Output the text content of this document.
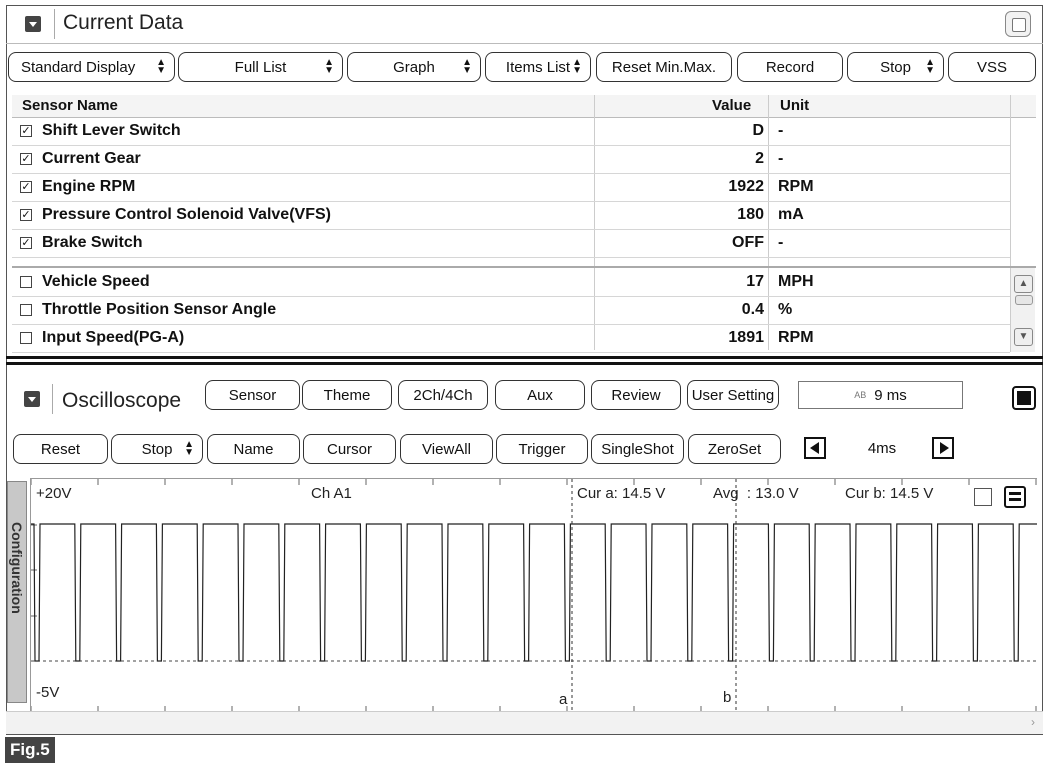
Current Data
Standard Display ▲
▼	Full List	▲
▼	Graph	▲
▼ Items List ▲
▼ Reset Min.Max.	Record	Stop ▲
▼	VSS
Sensor Name	Value Unit
✓ Shift Lever Switch	D -
✓ Current Gear	2 -
✓ Engine RPM	1922 RPM
✓ Pressure Control Solenoid Valve(VFS)	180 mA
✓ Brake Switch	OFF -
Vehicle Speed	17 MPH
Throttle Position Sensor Angle	0.4 %
Input Speed(PG-A)	1891 RPM
▲
▼
Oscilloscope	Sensor	Theme	2Ch/4Ch	Aux	Review User Setting	AB 9 ms
Reset	Stop ▲
▼	Name	Cursor	ViewAll	Trigger SingleShot ZeroSet	4ms
Configuration
+20V
-5V
Ch A1	Cur a: 14.5 V	Avg  : 13.0 V	Cur b: 14.5 V
a	b
›
Fig.5
